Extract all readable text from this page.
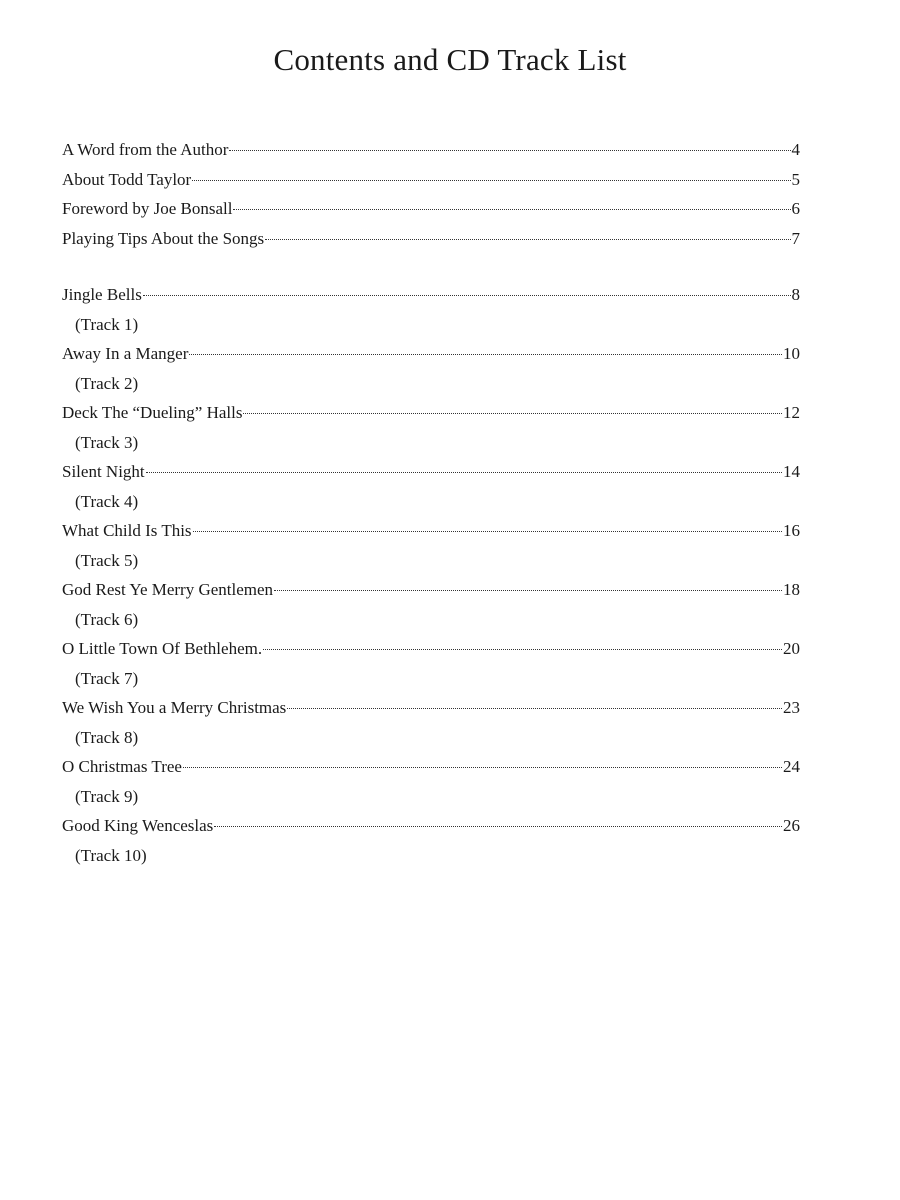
Contents and CD Track List
A Word from the Author	4
About Todd Taylor	5
Foreword by Joe Bonsall	6
Playing Tips About the Songs	7
Jingle Bells	8
(Track 1)
Away In a Manger	10
(Track 2)
Deck The “Dueling” Halls	12
(Track 3)
Silent Night	14
(Track 4)
What Child Is This	16
(Track 5)
God Rest Ye Merry Gentlemen	18
(Track 6)
O Little Town Of Bethlehem.	20
(Track 7)
We Wish You a Merry Christmas	23
(Track 8)
O Christmas Tree	24
(Track 9)
Good King Wenceslas	26
(Track 10)
